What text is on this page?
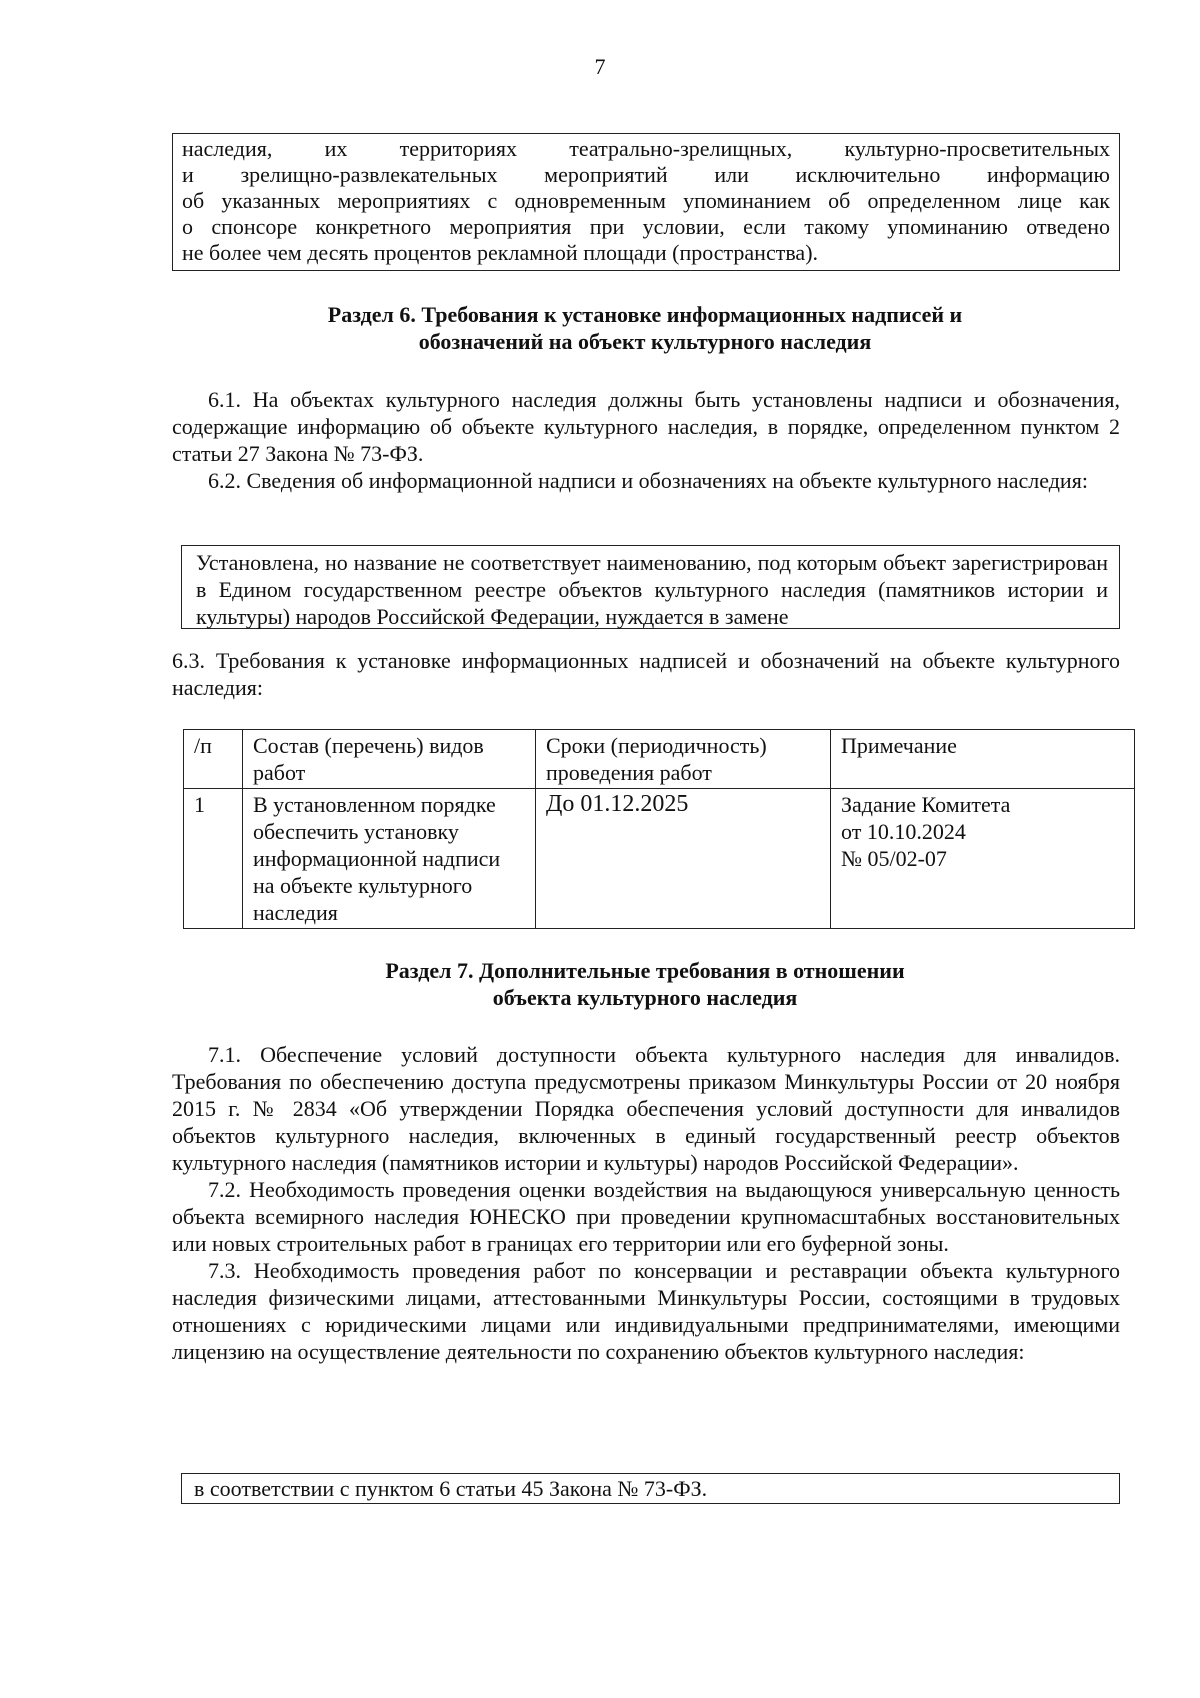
7

наследия, их территориях театрально-зрелищных, культурно-просветительных

и зрелищно-развлекательных мероприятий или исключительно информацию

об указанных мероприятиях с одновременным упоминанием об определенном лице как

о спонсоре конкретного мероприятия при условии, если такому упоминанию отведено

не более чем десять процентов рекламной площади (пространства).

Раздел 6. Требования к установке информационных надписей и
обозначений на объект культурного наследия

6.1. На объектах культурного наследия должны быть установлены надписи и обозначения, содержащие информацию об объекте культурного наследия, в порядке, определенном пунктом 2 статьи 27 Закона № 73-ФЗ.

6.2. Сведения об информационной надписи и обозначениях на объекте культурного наследия:

Установлена, но название не соответствует наименованию, под которым объект зарегистрирован в Едином государственном реестре объектов культурного наследия (памятников истории и культуры) народов Российской Федерации, нуждается в замене

6.3. Требования к установке информационных надписей и обозначений на объекте культурного наследия:

/п	Состав (перечень) видов работ	Сроки (периодичность) проведения работ	Примечание
1	В установленном порядке обеспечить установку информационной надписи на объекте культурного наследия	До 01.12.2025	Задание Комитета
от 10.10.2024
№ 05/02-07
Раздел 7. Дополнительные требования в отношении
объекта культурного наследия

7.1. Обеспечение условий доступности объекта культурного наследия для инвалидов. Требования по обеспечению доступа предусмотрены приказом Минкультуры России от 20 ноября 2015 г. № 2834 «Об утверждении Порядка обеспечения условий доступности для инвалидов объектов культурного наследия, включенных в единый государственный реестр объектов культурного наследия (памятников истории и культуры) народов Российской Федерации».

7.2. Необходимость проведения оценки воздействия на выдающуюся универсальную ценность объекта всемирного наследия ЮНЕСКО при проведении крупномасштабных восстановительных или новых строительных работ в границах его территории или его буферной зоны.

7.3. Необходимость проведения работ по консервации и реставрации объекта культурного наследия физическими лицами, аттестованными Минкультуры России, состоящими в трудовых отношениях с юридическими лицами или индивидуальными предпринимателями, имеющими лицензию на осуществление деятельности по сохранению объектов культурного наследия:

в соответствии с пунктом 6 статьи 45 Закона № 73-ФЗ.
